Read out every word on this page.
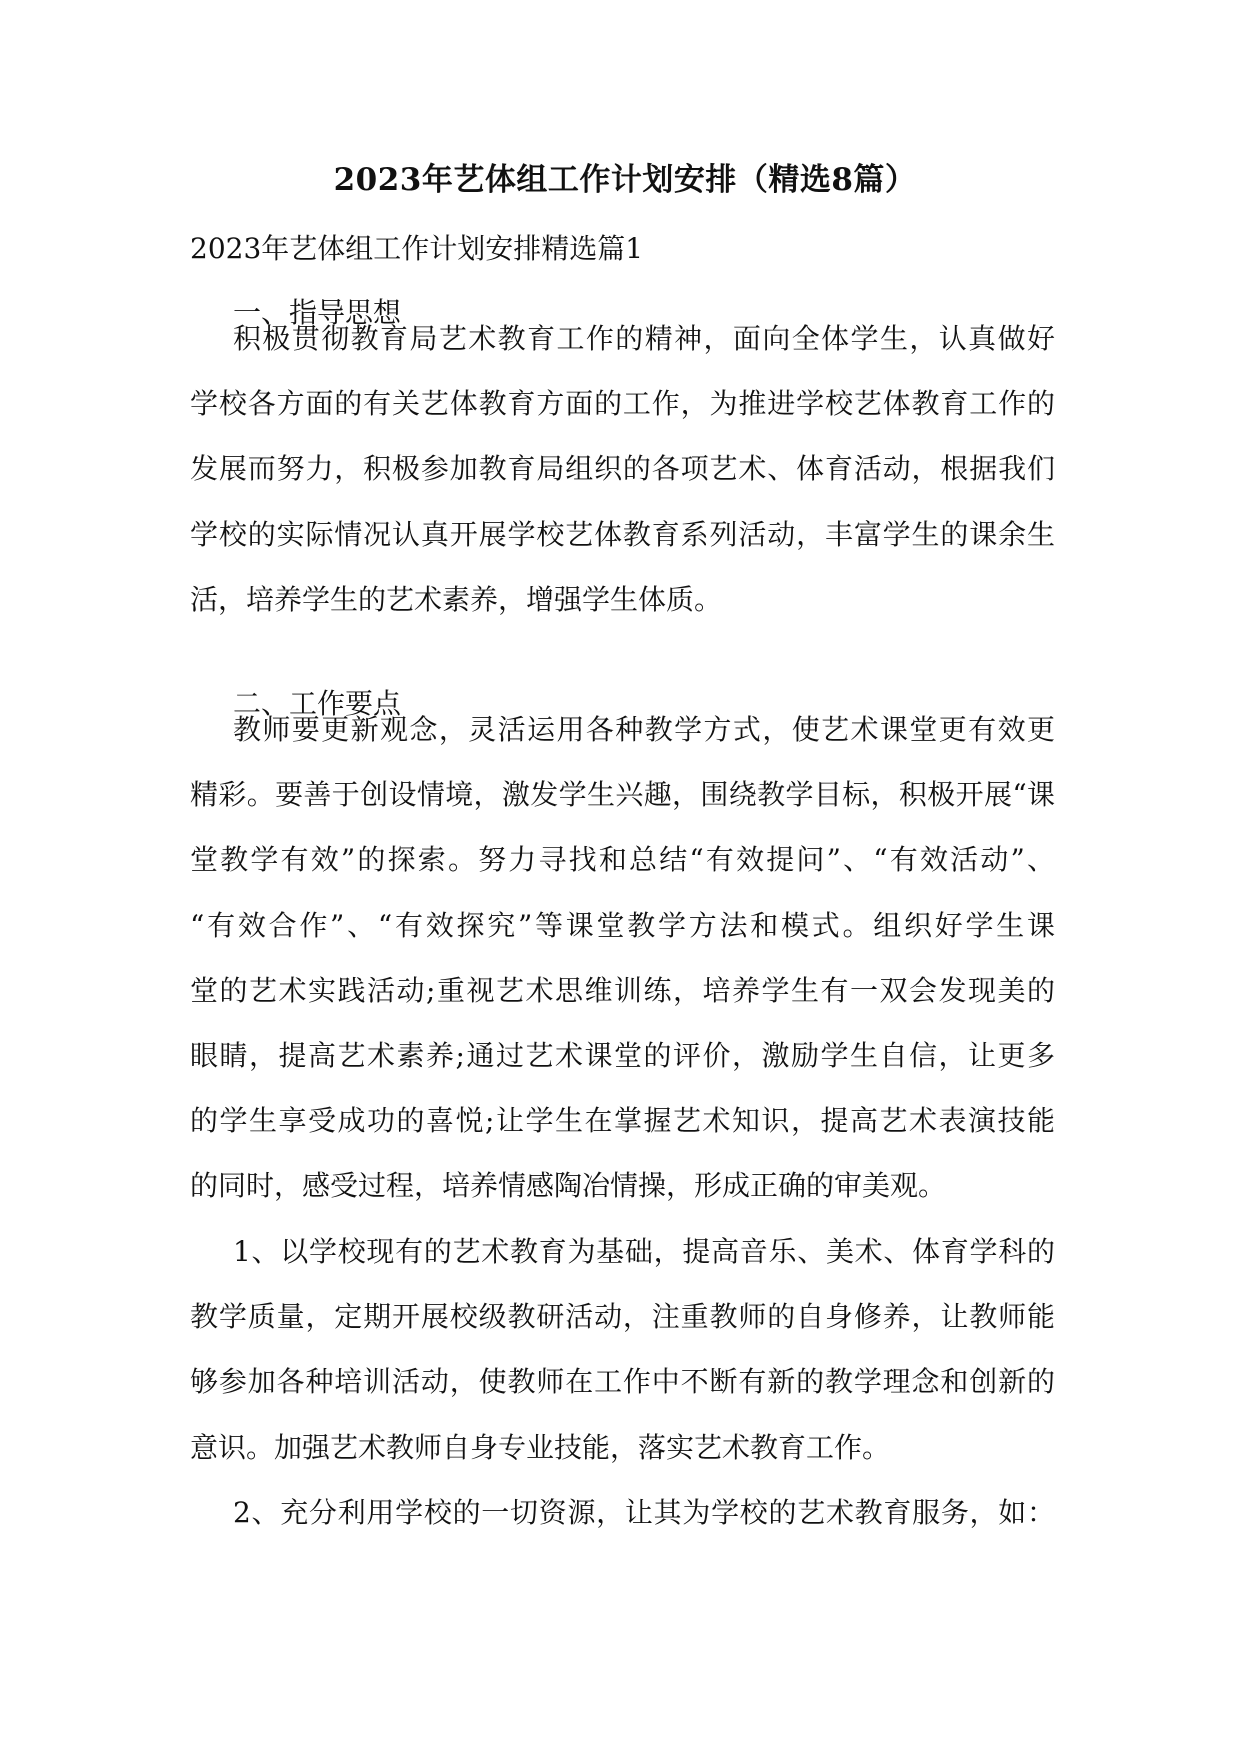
2023年艺体组工作计划安排（精选8篇）
2023年艺体组工作计划安排精选篇1
一、指导思想
积极贯彻教育局艺术教育工作的精神，面向全体学生，认真做好
学校各方面的有关艺体教育方面的工作，为推进学校艺体教育工作的
发展而努力，积极参加教育局组织的各项艺术、体育活动，根据我们
学校的实际情况认真开展学校艺体教育系列活动，丰富学生的课余生
活，培养学生的艺术素养，增强学生体质。
二、工作要点
教师要更新观念，灵活运用各种教学方式，使艺术课堂更有效更
精彩。要善于创设情境，激发学生兴趣，围绕教学目标，积极开展“课
堂教学有效”的探索。努力寻找和总结“有效提问”、“有效活动”、
“有效合作”、“有效探究”等课堂教学方法和模式。组织好学生课
堂的艺术实践活动;重视艺术思维训练，培养学生有一双会发现美的
眼睛，提高艺术素养;通过艺术课堂的评价，激励学生自信，让更多
的学生享受成功的喜悦;让学生在掌握艺术知识，提高艺术表演技能
的同时，感受过程，培养情感陶冶情操，形成正确的审美观。
1、以学校现有的艺术教育为基础，提高音乐、美术、体育学科的
教学质量，定期开展校级教研活动，注重教师的自身修养，让教师能
够参加各种培训活动，使教师在工作中不断有新的教学理念和创新的
意识。加强艺术教师自身专业技能，落实艺术教育工作。
2、充分利用学校的一切资源，让其为学校的艺术教育服务，如：
